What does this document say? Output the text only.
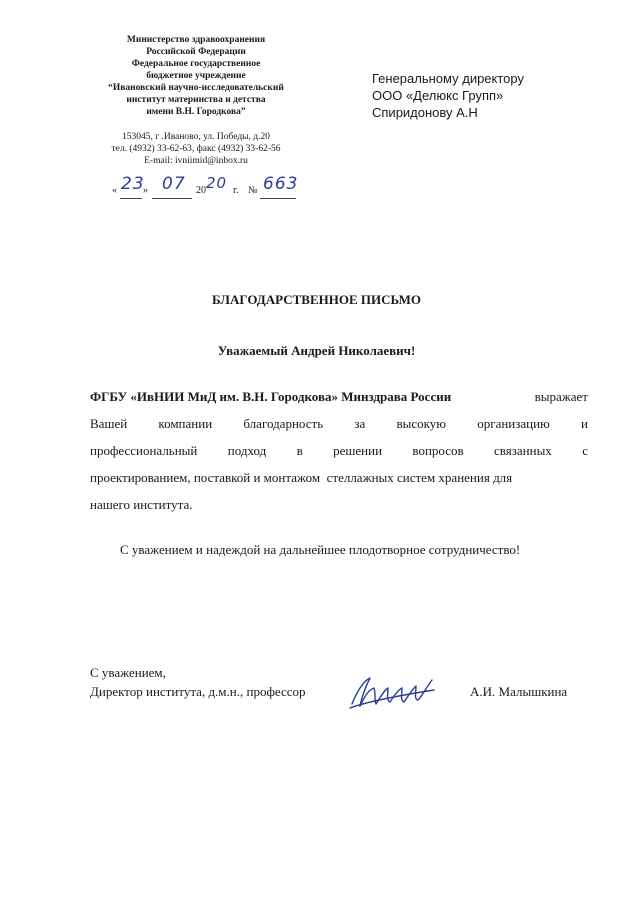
Министерство здравоохранения
Российской Федерации
Федеральное государственное
бюджетное учреждение
“Ивановский научно-исследовательский
институт материнства и детства
имени В.Н. Городкова”
153045, г .Иваново, ул. Победы, д.20
тел. (4932) 33-62-63, факс (4932) 33-62-56
E-mail: ivniimid@inbox.ru
« 23
» 07 20 20 г. № 663
Генеральному директору
ООО «Делюкс Групп»
Спиридонову А.Н
БЛАГОДАРСТВЕННОЕ ПИСЬМО
Уважаемый Андрей Николаевич!
ФГБУ «ИвНИИ МиД им. В.Н. Городкова» Минздрава России	выражает
Вашей компании благодарность за высокую организацию и
профессиональный подход в решении вопросов связанных с
проектированием, поставкой и монтажом  стеллажных систем хранения для
нашего института.
С уважением и надеждой на дальнейшее плодотворное сотрудничество!
С уважением,
Директор института, д.м.н., профессор	А.И. Малышкина
